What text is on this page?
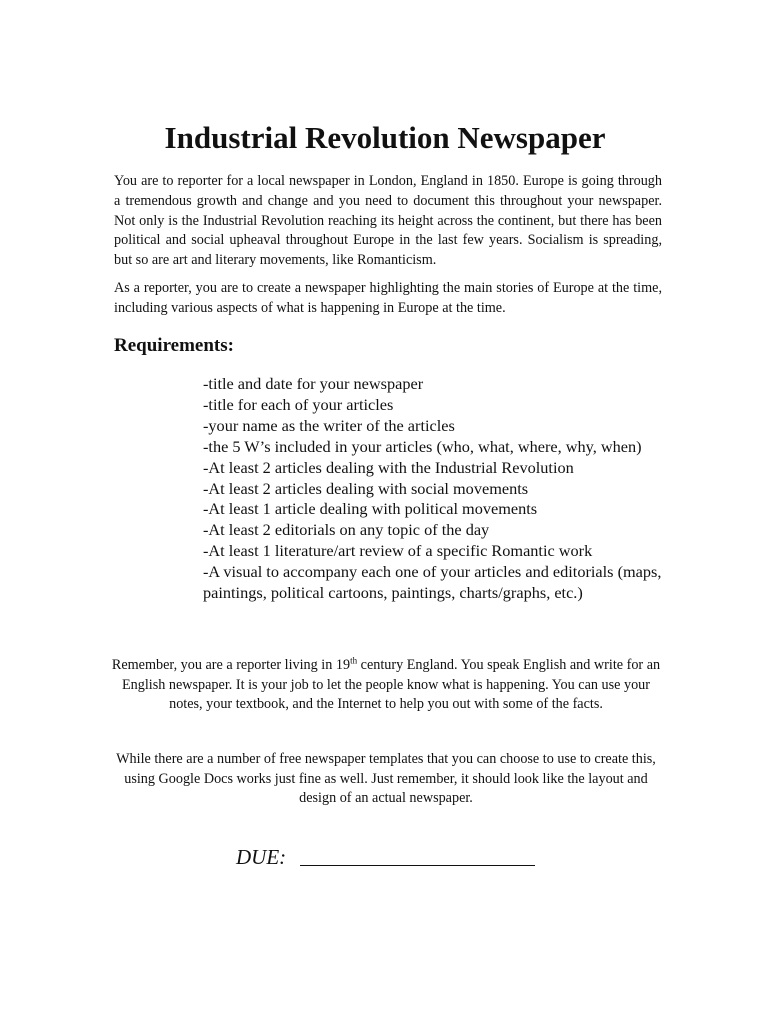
Industrial Revolution Newspaper

You are to reporter for a local newspaper in London, England in 1850. Europe is going through a tremendous growth and change and you need to document this throughout your newspaper. Not only is the Industrial Revolution reaching its height across the continent, but there has been political and social upheaval throughout Europe in the last few years. Socialism is spreading, but so are art and literary movements, like Romanticism.

As a reporter, you are to create a newspaper highlighting the main stories of Europe at the time, including various aspects of what is happening in Europe at the time.

Requirements:
-title and date for your newspaper
-title for each of your articles
-your name as the writer of the articles
-the 5 W’s included in your articles (who, what, where, why, when)
-At least 2 articles dealing with the Industrial Revolution
-At least 2 articles dealing with social movements
-At least 1 article dealing with political movements
-At least 2 editorials on any topic of the day
-At least 1 literature/art review of a specific Romantic work
-A visual to accompany each one of your articles and editorials (maps, paintings, political cartoons, paintings, charts/graphs, etc.)

Remember, you are a reporter living in 19th century England. You speak English and write for an English newspaper. It is your job to let the people know what is happening. You can use your notes, your textbook, and the Internet to help you out with some of the facts.

While there are a number of free newspaper templates that you can choose to use to create this, using Google Docs works just fine as well. Just remember, it should look like the layout and design of an actual newspaper.

DUE:
